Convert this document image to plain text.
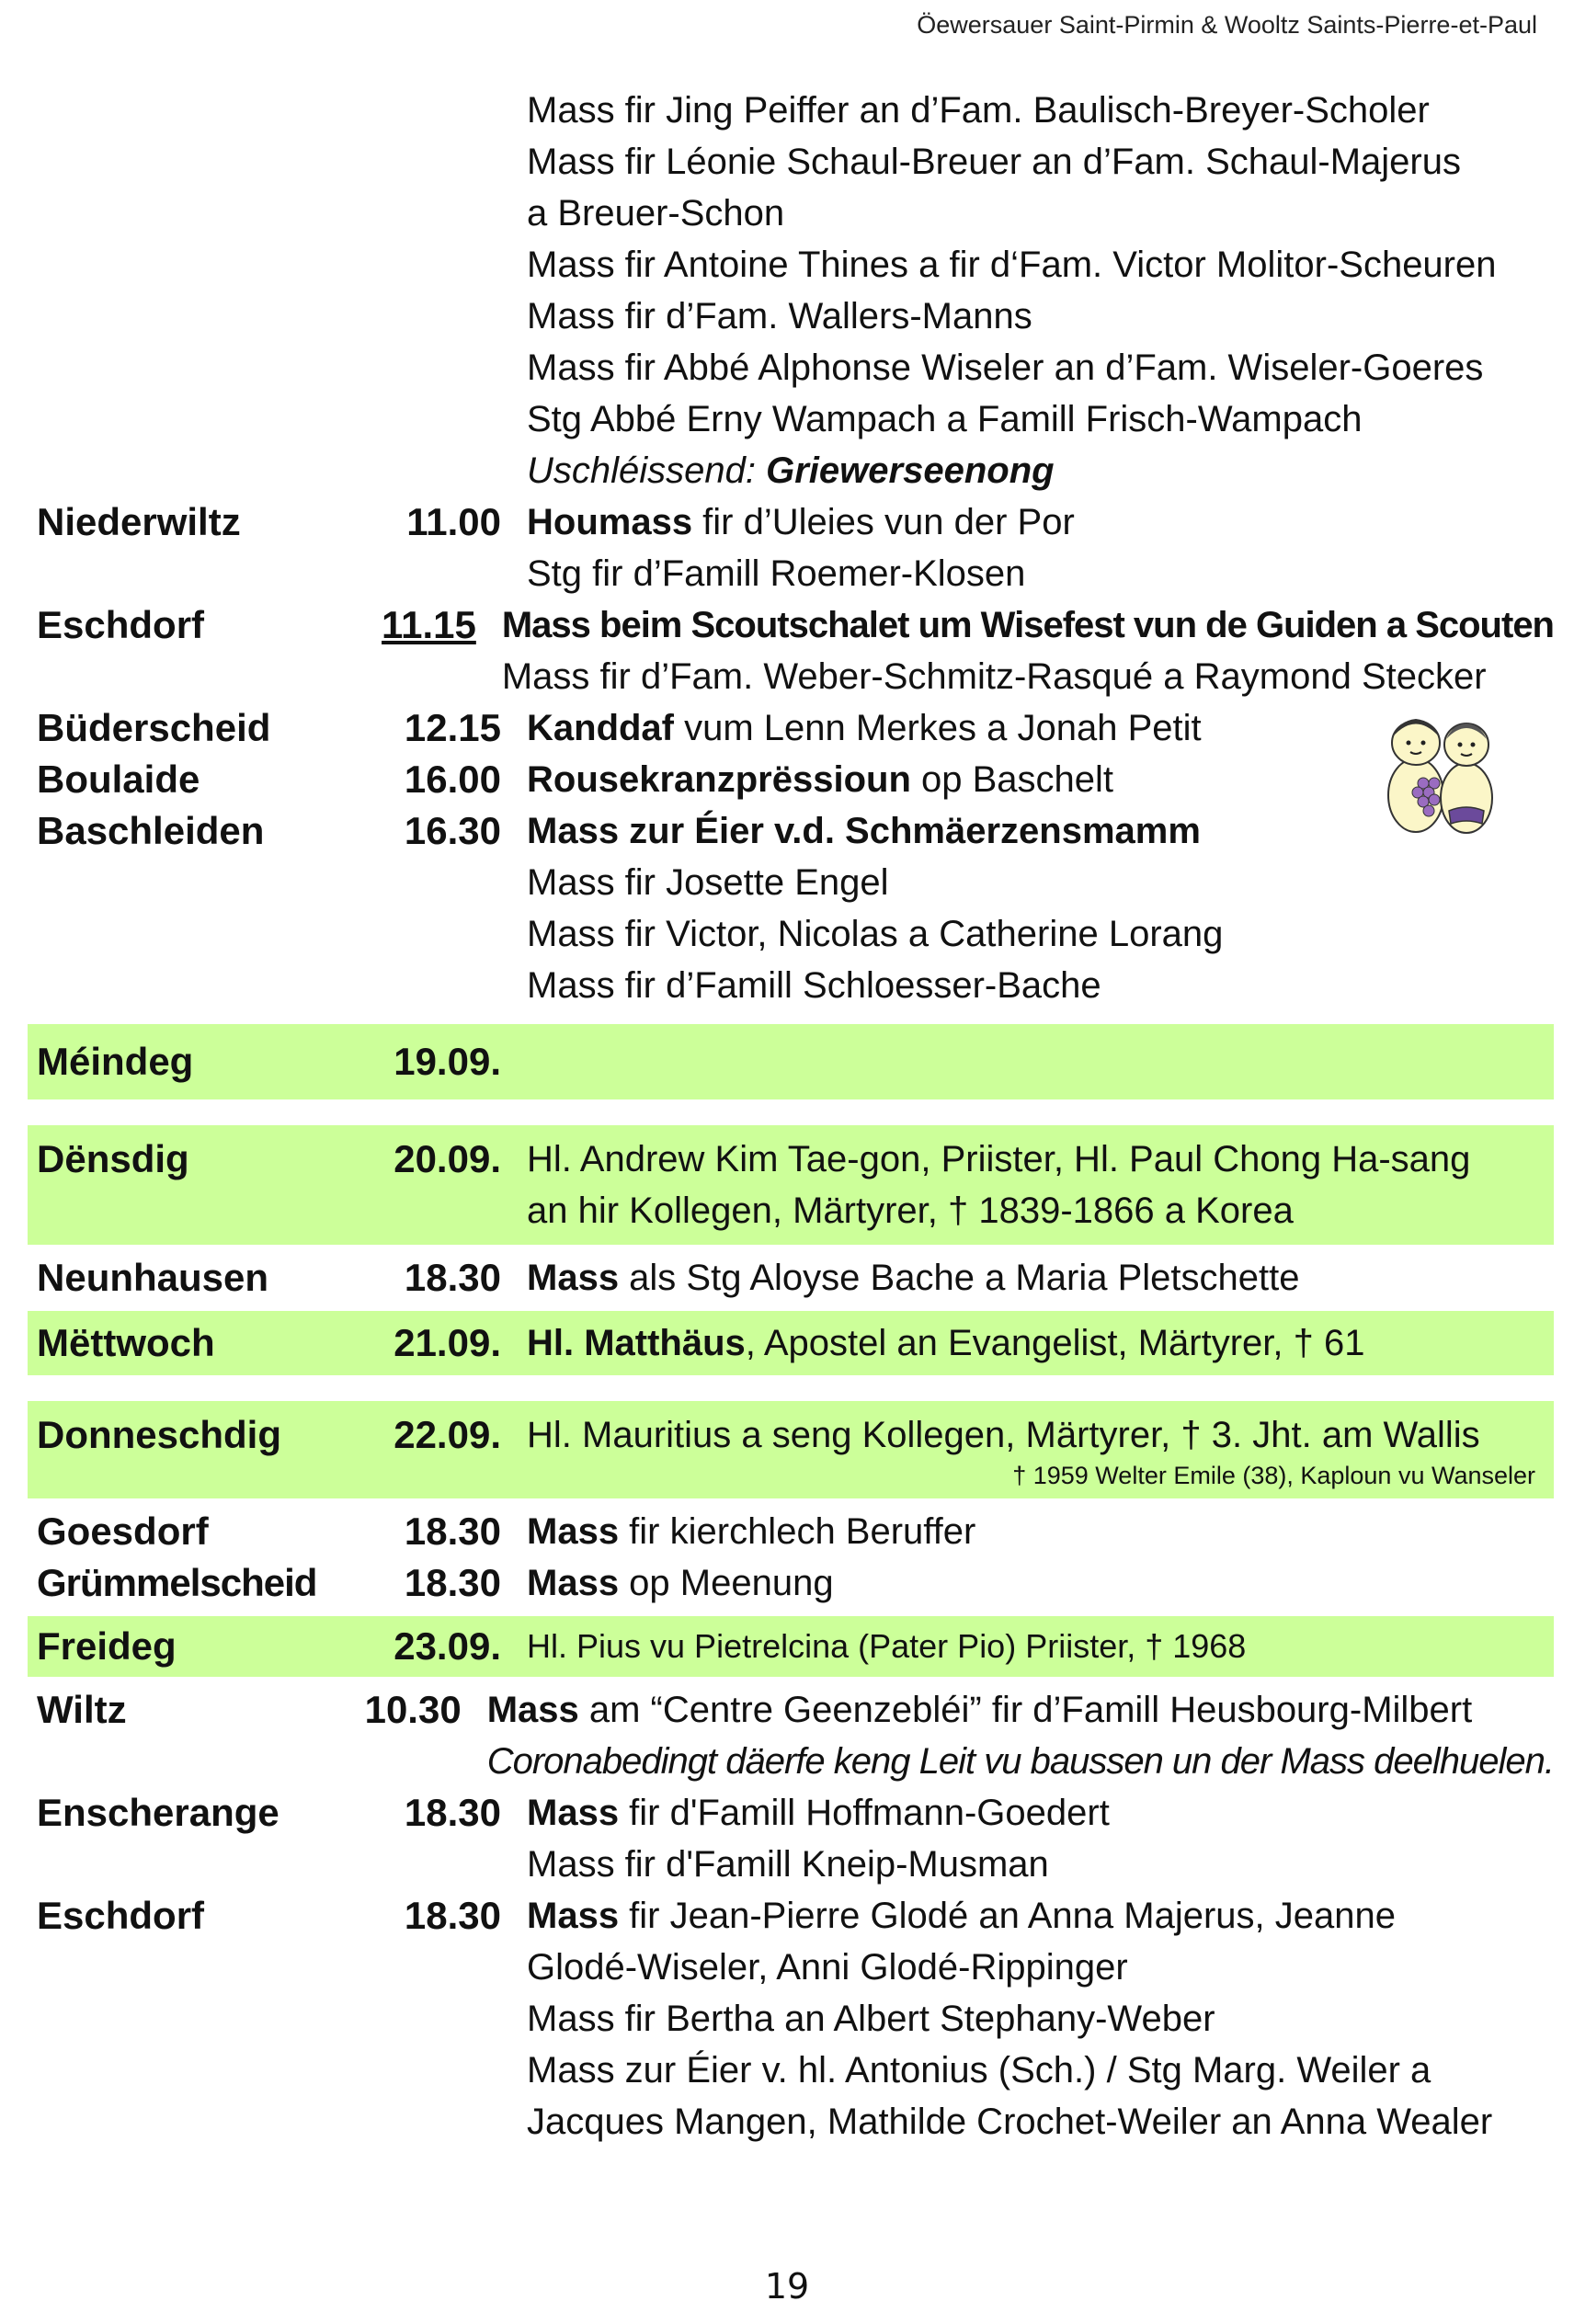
Öewersauer Saint-Pirmin & Wooltz Saints-Pierre-et-Paul
Mass fir Jing Peiffer an d’Fam. Baulisch-Breyer-Scholer
Mass fir Léonie Schaul-Breuer an d’Fam. Schaul-Majerus
a Breuer-Schon
Mass fir Antoine Thines a fir d‘Fam. Victor Molitor-Scheuren
Mass fir d’Fam. Wallers-Manns
Mass fir Abbé Alphonse Wiseler an d’Fam. Wiseler-Goeres
Stg Abbé Erny Wampach a Famill Frisch-Wampach
Uschléissend: Griewerseenong
Niederwiltz	11.00 Houmass fir d’Uleies vun der Por
Stg fir d’Famill Roemer-Klosen
Eschdorf	11.15 Mass beim Scoutschalet um Wisefest vun de Guiden a Scouten
Mass fir d’Fam. Weber-Schmitz-Rasqué a Raymond Stecker
Büderscheid	12.15 Kanddaf vum Lenn Merkes a Jonah Petit
Boulaide	16.00 Rousekranzprëssioun op Baschelt
Baschleiden	16.30 Mass zur Éier v.d. Schmäerzensmamm
Mass fir Josette Engel
Mass fir Victor, Nicolas a Catherine Lorang
Mass fir d’Famill Schloesser-Bache
Méindeg	19.09.
Dënsdig	20.09. Hl. Andrew Kim Tae-gon, Priister, Hl. Paul Chong Ha-sang
an hir Kollegen, Märtyrer, † 1839-1866 a Korea
Neunhausen	18.30 Mass als Stg Aloyse Bache a Maria Pletschette
Mëttwoch	21.09. Hl. Matthäus, Apostel an Evangelist, Märtyrer, † 61
Donneschdig	22.09. Hl. Mauritius a seng Kollegen, Märtyrer, † 3. Jht. am Wallis
† 1959 Welter Emile (38), Kaploun vu Wanseler
Goesdorf	18.30 Mass fir kierchlech Beruffer
Grümmelscheid	18.30 Mass op Meenung
Freideg	23.09. Hl. Pius vu Pietrelcina (Pater Pio) Priister, † 1968
Wiltz	10.30 Mass am “Centre Geenzebléi” fir d’Famill Heusbourg-Milbert
Coronabedingt däerfe keng Leit vu baussen un der Mass deelhuelen.
Enscherange	18.30 Mass fir d'Famill Hoffmann-Goedert
Mass fir d'Famill Kneip-Musman
Eschdorf	18.30 Mass fir Jean-Pierre Glodé an Anna Majerus, Jeanne
Glodé-Wiseler, Anni Glodé-Rippinger
Mass fir Bertha an Albert Stephany-Weber
Mass zur Éier v. hl. Antonius (Sch.) / Stg Marg. Weiler a
Jacques Mangen, Mathilde Crochet-Weiler an Anna Wealer
19
